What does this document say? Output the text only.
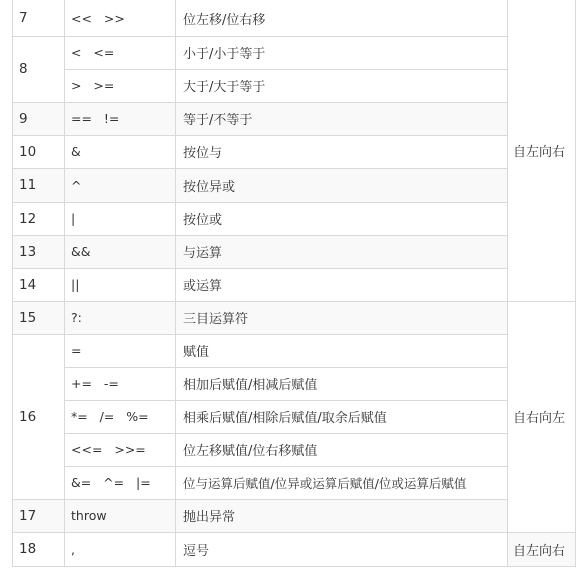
7
8
9
10
11
12
13
14
15
16
17
18
<<   >>
<   <=
>   >=
==   !=
&
^
|
&&
||
?:
=
+=   -=
*=   /=   %=
<<=   >>=
&=   ^=   |=
throw
,
位左移/位右移
小于/小于等于
大于/大于等于
等于/不等于
按位与
按位异或
按位或
与运算
或运算
三目运算符
赋值
相加后赋值/相减后赋值
相乘后赋值/相除后赋值/取余后赋值
位左移赋值/位右移赋值
位与运算后赋值/位异或运算后赋值/位或运算后赋值
抛出异常
逗号
自左向右
自右向左
自左向右
